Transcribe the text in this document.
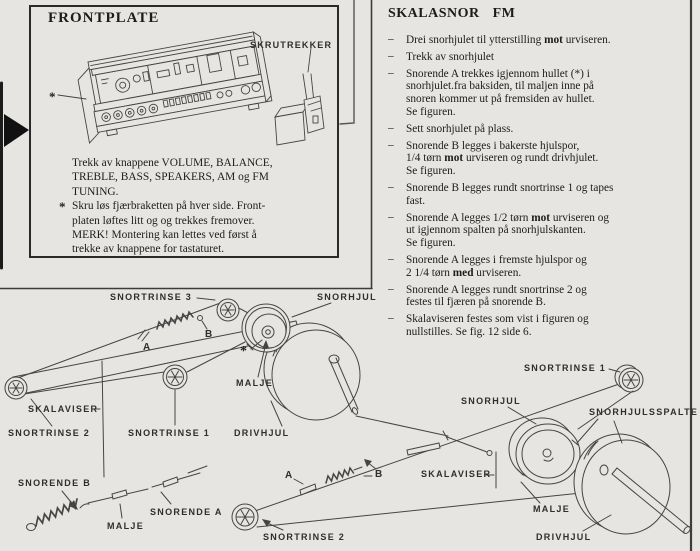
FRONTPLATE
SKRUTREKKER
*
Trekk av knappene VOLUME, BALANCE,
TREBLE, BASS, SPEAKERS, AM og FM
TUNING.
Skru løs fjærbraketten på hver side. Front-
platen løftes litt og og trekkes fremover.
MERK! Montering kan lettes ved først å
trekke av knappene for tastaturet.
*
SKALASNOR FM
– Drei snorhjulet til ytterstilling mot urviseren.
– Trekk av snorhjulet
– Snorende A trekkes igjennom hullet (*) i
snorhjulet.fra baksiden, til maljen inne på
snoren kommer ut på fremsiden av hullet.
Se figuren.
– Sett snorhjulet på plass.
– Snorende B legges i bakerste hjulspor,
1/4 tørn mot urviseren og rundt drivhjulet.
Se figuren.
– Snorende B legges rundt snortrinse 1 og tapes
fast.
– Snorende A legges 1/2 tørn mot urviseren og
ut igjennom spalten på snorhjulskanten.
Se figuren.
– Snorende A legges i fremste hjulspor og
2 1/4 tørn med urviseren.
– Snorende A legges rundt snortrinse 2 og
festes til fjæren på snorende B.
– Skalaviseren festes som vist i figuren og
nullstilles. Se fig. 12 side 6.
SNORTRINSE 3	SNORHJUL
A
B
*
MALJE
SKALAVISER
SNORTRINSE 2	SNORTRINSE 1	DRIVHJUL
SNORENDE B
MALJE
SNORENDE A
SNORTRINSE 1
SNORHJUL
SNORHJULSSPALTE
A	B	SKALAVISER
MALJE
DRIVHJUL
SNORTRINSE 2
